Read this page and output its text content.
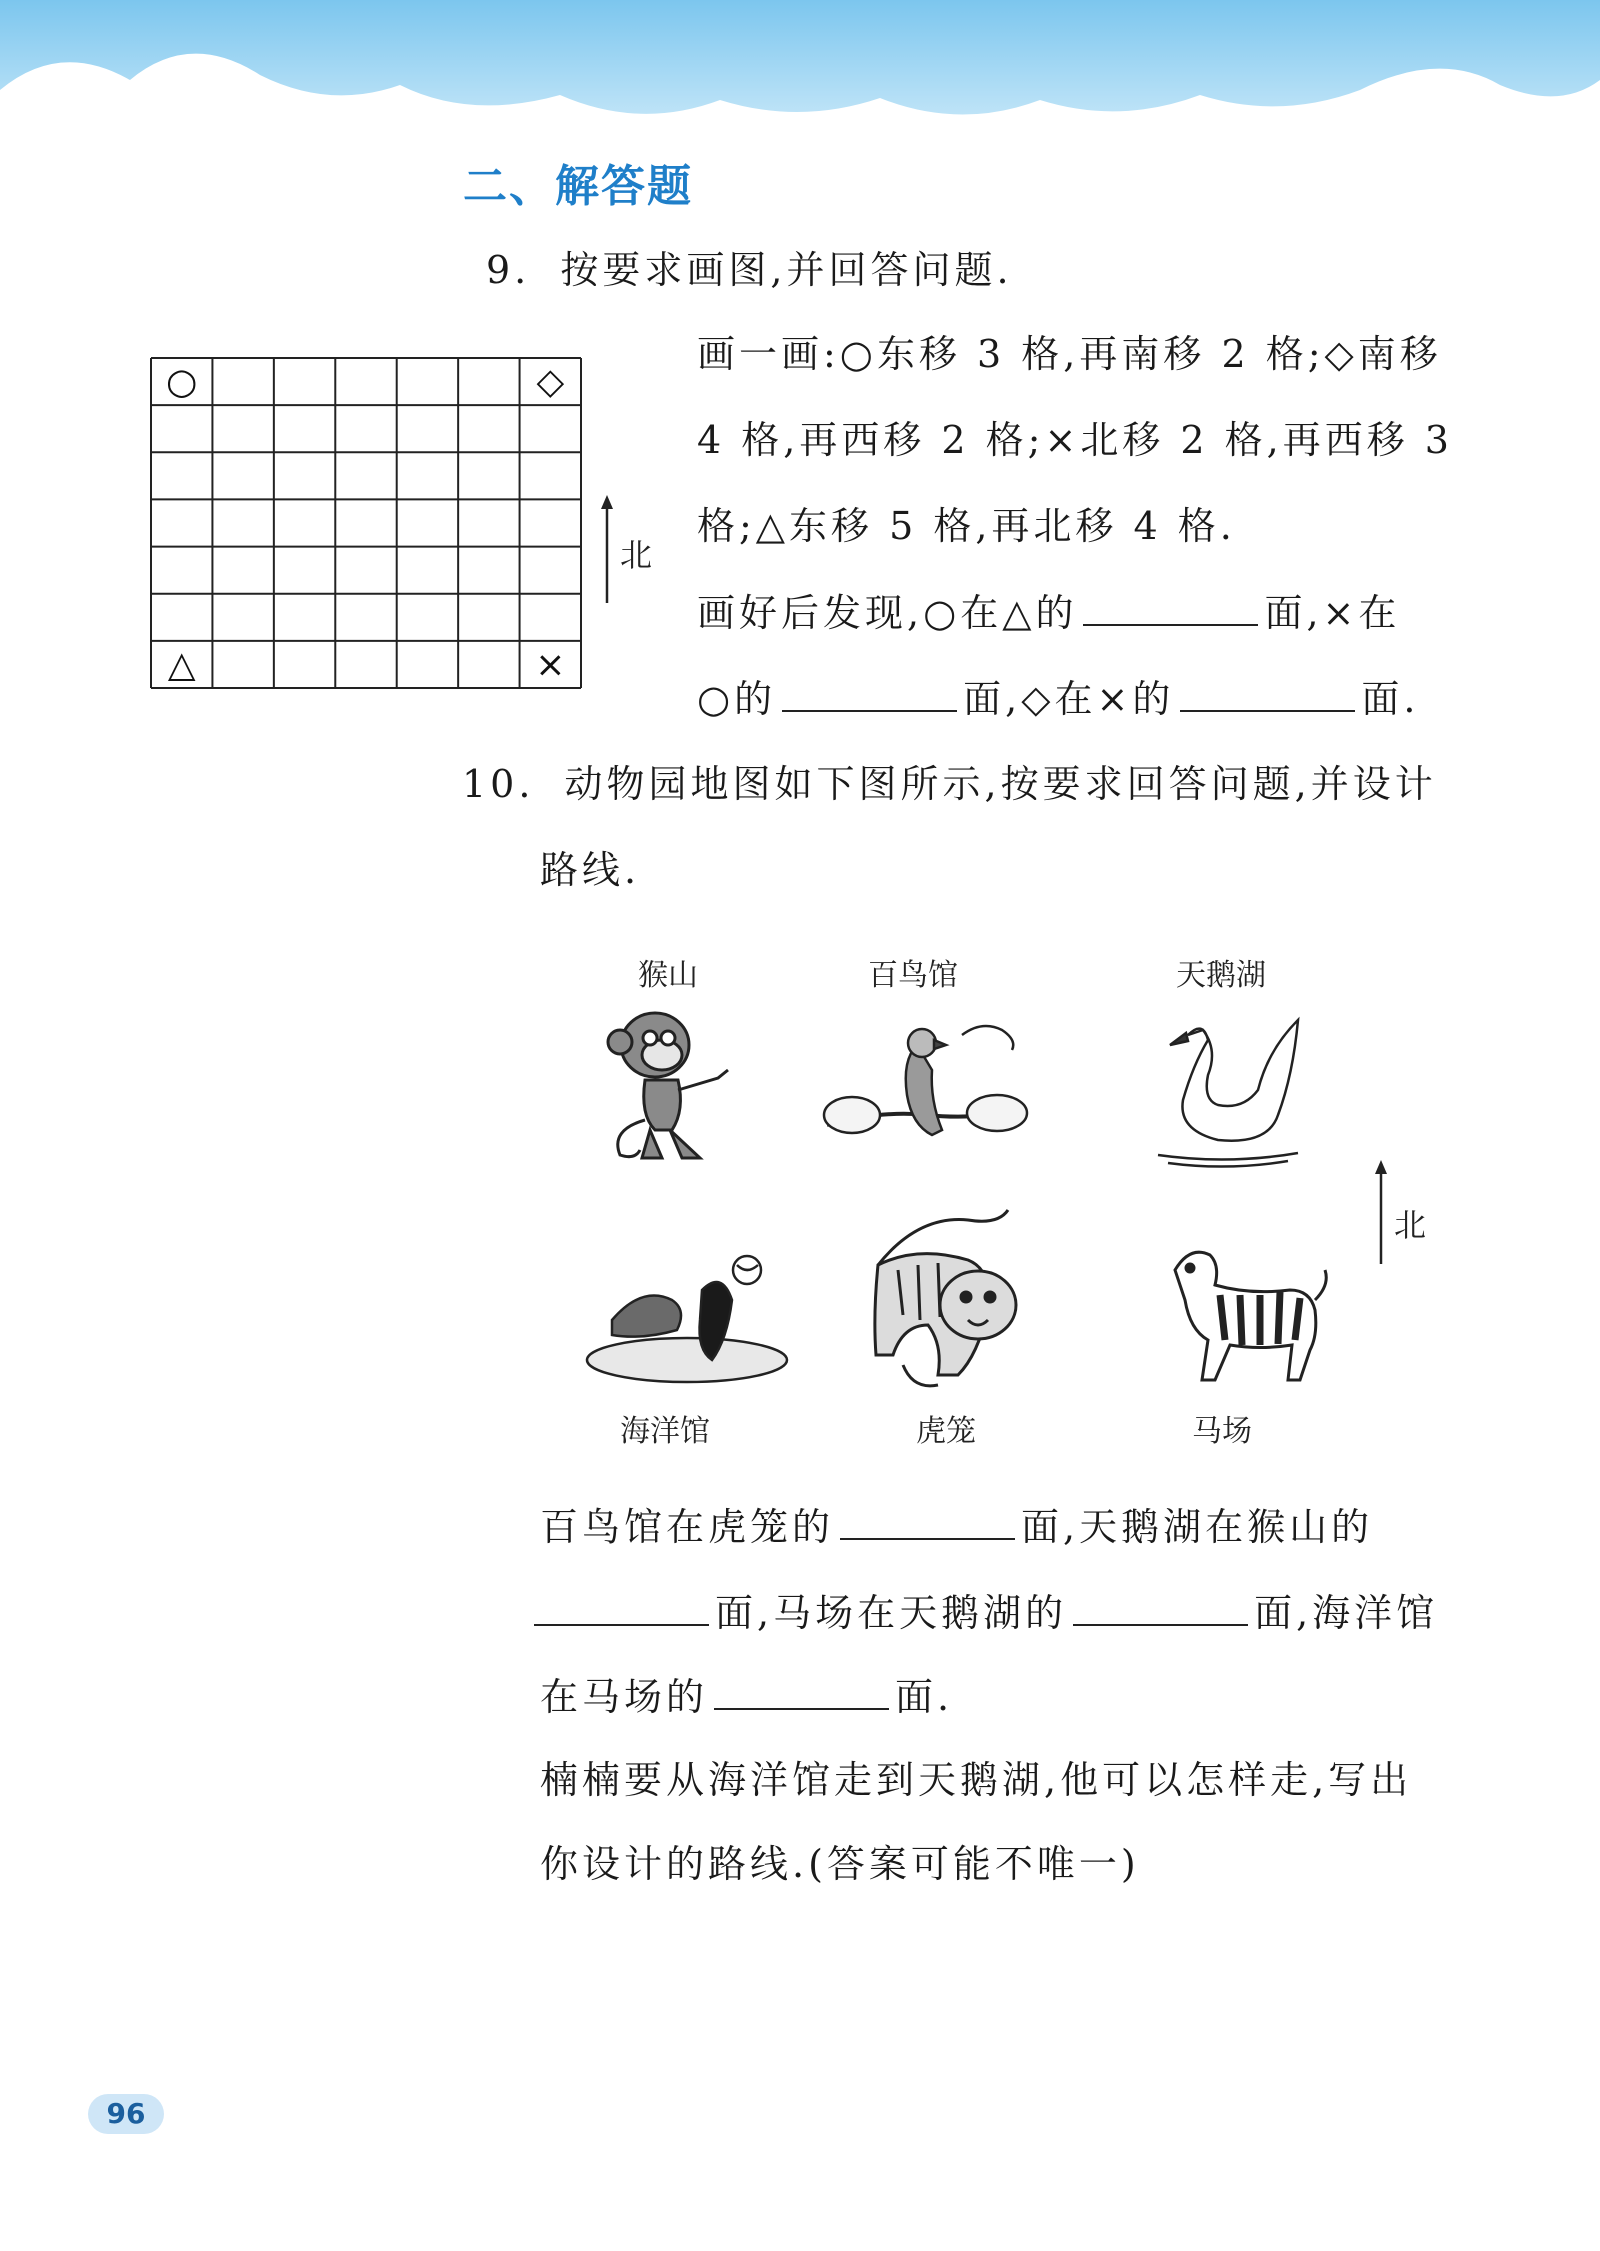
二、解答题
9. 按要求画图,并回答问题.
○	◇
△	×
北
画一画:○东移 3 格,再南移 2 格;◇南移
4 格,再西移 2 格;×北移 2 格,再西移 3
格;△东移 5 格,再北移 4 格.
画好后发现,○在△的	面,×在
○的	面,◇在×的	面.
10. 动物园地图如下图所示,按要求回答问题,并设计
路线.
猴山	百鸟馆	天鹅湖
海洋馆	虎笼	马场
北
百鸟馆在虎笼的	面,天鹅湖在猴山的
面,马场在天鹅湖的	面,海洋馆
在马场的	面.
楠楠要从海洋馆走到天鹅湖,他可以怎样走,写出
你设计的路线.(答案可能不唯一)
96
